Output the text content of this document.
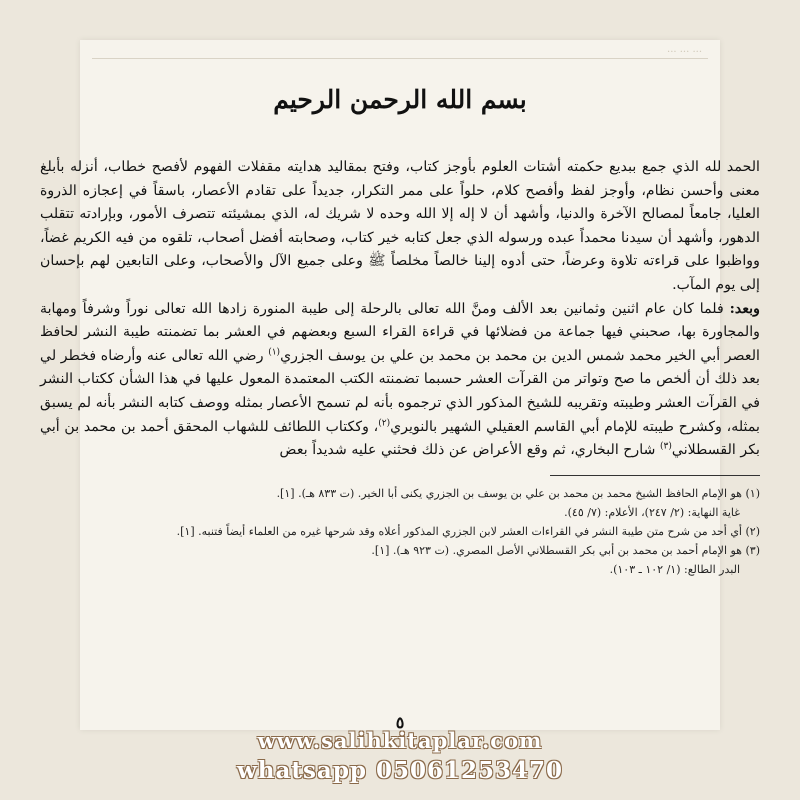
... ... ...
بسم الله الرحمن الرحيم

الحمد لله الذي جمع ببديع حكمته أشتات العلوم بأوجز كتاب، وفتح بمقاليد هدايته مقفلات الفهوم لأفصح خطاب، أنزله بأبلغ معنى وأحسن نظام، وأوجز لفظ وأفصح كلام، حلواً على ممر التكرار، جديداً على تقادم الأعصار، باسقاً في إعجازه الذروة العليا، جامعاً لمصالح الآخرة والدنيا، وأشهد أن لا إله إلا الله وحده لا شريك له، الذي بمشيئته تتصرف الأمور، وبإرادته تتقلب الدهور، وأشهد أن سيدنا محمداً عبده ورسوله الذي جعل كتابه خير كتاب، وصحابته أفضل أصحاب، تلقوه من فيه الكريم غضاً، وواظبوا على قراءته تلاوة وعرضاً، حتى أدوه إلينا خالصاً مخلصاً ﷺ وعلى جميع الآل والأصحاب، وعلى التابعين لهم بإحسان إلى يوم المآب.

وبعد: فلما كان عام اثنين وثمانين بعد الألف ومنَّ الله تعالى بالرحلة إلى طيبة المنورة زادها الله تعالى نوراً وشرفاً ومهابة والمجاورة بها، صحبني فيها جماعة من فضلائها في قراءة القراء السبع وبعضهم في العشر بما تضمنته طيبة النشر لحافظ العصر أبي الخير محمد شمس الدين بن محمد بن محمد بن علي بن يوسف الجزري$^{(١)}$ رضي الله تعالى عنه وأرضاه فخطر لي بعد ذلك أن ألخص ما صح وتواتر من القرآت العشر حسبما تضمنته الكتب المعتمدة المعول عليها في هذا الشأن ككتاب النشر في القرآت العشر وطيبته وتقريبه للشيخ المذكور الذي ترجموه بأنه لم تسمح الأعصار بمثله ووصف كتابه النشر بأنه لم يسبق بمثله، وكشرح طيبته للإمام أبي القاسم العقيلي الشهير بالنويري$^{(٢)}$، وككتاب اللطائف للشهاب المحقق أحمد بن محمد بن أبي بكر القسطلاني$^{(٣)}$ شارح البخاري، ثم وقع الأعراض عن ذلك فحثني عليه شديداً بعض

(١) هو الإمام الحافظ الشيخ محمد بن محمد بن علي بن يوسف بن الجزري يكنى أبا الخير. (ت ٨٣٣ هـ). [١].

غاية النهاية: (٢/ ٢٤٧)، الأعلام: (٧/ ٤٥).

(٢) أي أحد من شرح متن طيبة النشر في القراءات العشر لابن الجزري المذكور أعلاه وقد شرحها غيره من العلماء أيضاً فتنبه. [١].

(٣) هو الإمام أحمد بن محمد بن أبي بكر القسطلاني الأصل المصري. (ت ٩٢٣ هـ). [١].

البدر الطالع: (١/ ١٠٢ ـ ١٠٣).

٥
www.salihkitaplar.com
whatsapp 05061253470
